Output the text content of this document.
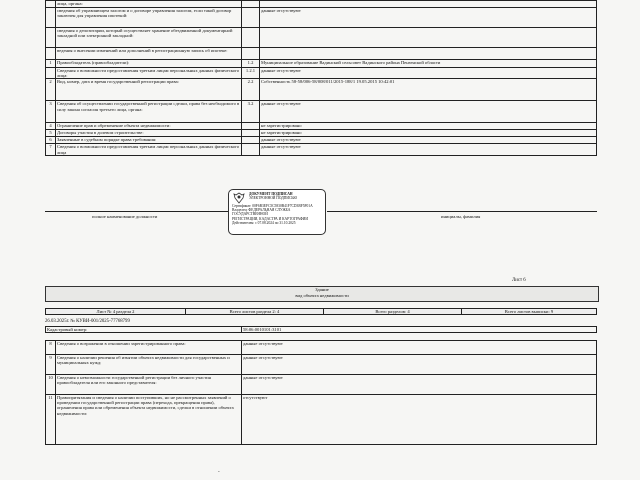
	лица, органа:		
	сведения об управляющем залогом и о договоре управления залогом, если такой договор заключен для управления ипотекой:		данные отсутствуют
	сведения о депозитарии, который осуществляет хранение обездвиженной документарной закладной или электронной закладной:		
	ведения о внесении изменений или дополнений в регистрационную запись об ипотеке:		
1	Правообладатель (правообладатели):	1.2	Муниципальное образование Вадинский сельсовет Вадинского района Пензенской области
	Сведения о возможности предоставления третьим лицам персональных данных физического лица:	1.2.1	данные отсутствуют
2	Вид, номер, дата и время государственной регистрации права:	2.2	Собственность 58-58/006-58/008/011/2015-188/1 19.05.2015 10:42:01
3	Сведения об осуществлении государственной регистрации сделки, права без необходимого в силу закона согласия третьего лица, органа:	3.2	данные отсутствуют
4	Ограничение прав и обременение объекта недвижимости:		не зарегистрировано
5	Договоры участия в долевом строительстве:		не зарегистрировано
6	Заявленные в судебном порядке права требования:		данные отсутствуют
7	Сведения о возможности предоставления третьим лицам персональных данных физического лица		данные отсутствуют
полное наименование должности	инициалы, фамилия
ДОКУМЕНТ ПОДПИСАН
ЭЛЕКТРОННОЙ ПОДПИСЬЮ
Сертификат: 00F6B3EFC5C5830B41F7CD3BF5F01A
Владелец: ФЕДЕРАЛЬНАЯ СЛУЖБА ГОСУДАРСТВЕННОЙ
РЕГИСТРАЦИИ, КАДАСТРА И КАРТОГРАФИИ
Действителен: с 07.08.2024 по 31.10.2025
Лист 6
Здание
вид объекта недвижимости
Лист № 4 раздела 2	Всего листов раздела 2: 4	Всего разделов: 4	Всего листов выписки: 9
26.03.2025г. № КУВИ-001/2025-77768799
Кадастровый номер:	58:06:0010101:3101
8	Сведения о возражении в отношении зарегистрированного права:	данные отсутствуют
9	Сведения о наличии решения об изъятии объекта недвижимости для государственных и муниципальных нужд:	данные отсутствуют
10	Сведения о невозможности государственной регистрации без личного участия правообладателя или его законного представителя:	данные отсутствуют
11	Правопритязания и сведения о наличии поступивших, но не рассмотренных заявлений о проведении государственной регистрации права (перехода, прекращения права), ограничения права или обременения объекта недвижимости, сделки в отношении объекта недвижимости:	отсутствуют
-
